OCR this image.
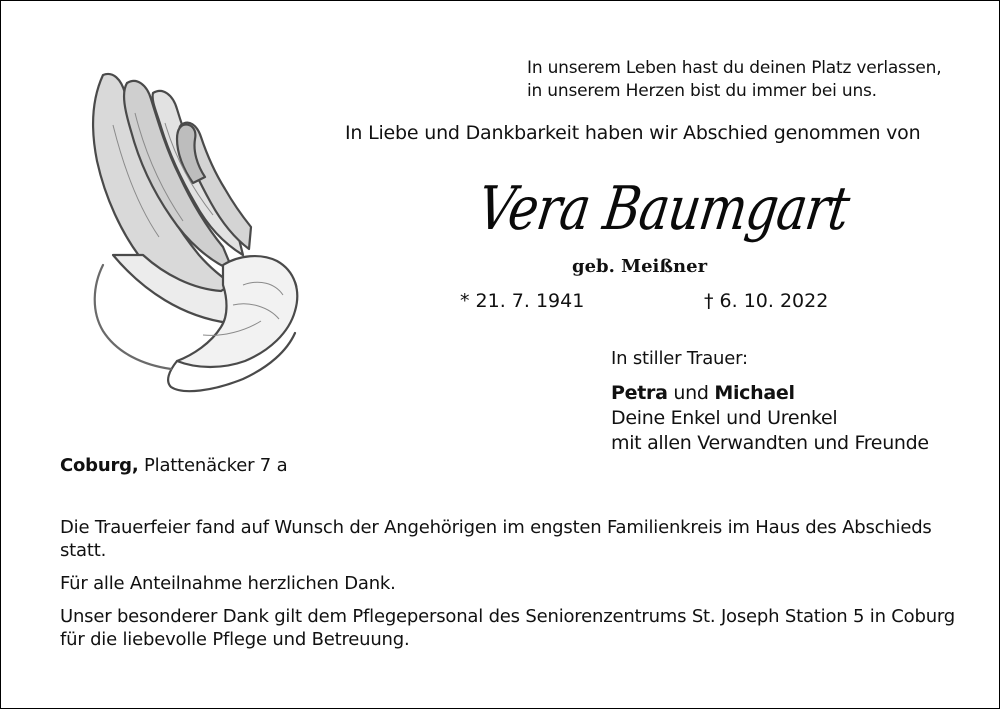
In unserem Leben hast du deinen Platz verlassen,
in unserem Herzen bist du immer bei uns.
In Liebe und Dankbarkeit haben wir Abschied genommen von
Vera Baumgart
geb. Meißner
* 21. 7. 1941	† 6. 10. 2022
In stiller Trauer:
Petra und Michael
Deine Enkel und Urenkel
mit allen Verwandten und Freunde
Coburg, Plattenäcker 7 a

Die Trauerfeier fand auf Wunsch der Angehörigen im engsten Familienkreis im Haus des Abschieds statt.

Für alle Anteilnahme herzlichen Dank.

Unser besonderer Dank gilt dem Pflegepersonal des Seniorenzentrums St. Joseph Station 5 in Coburg für die liebevolle Pflege und Betreuung.
